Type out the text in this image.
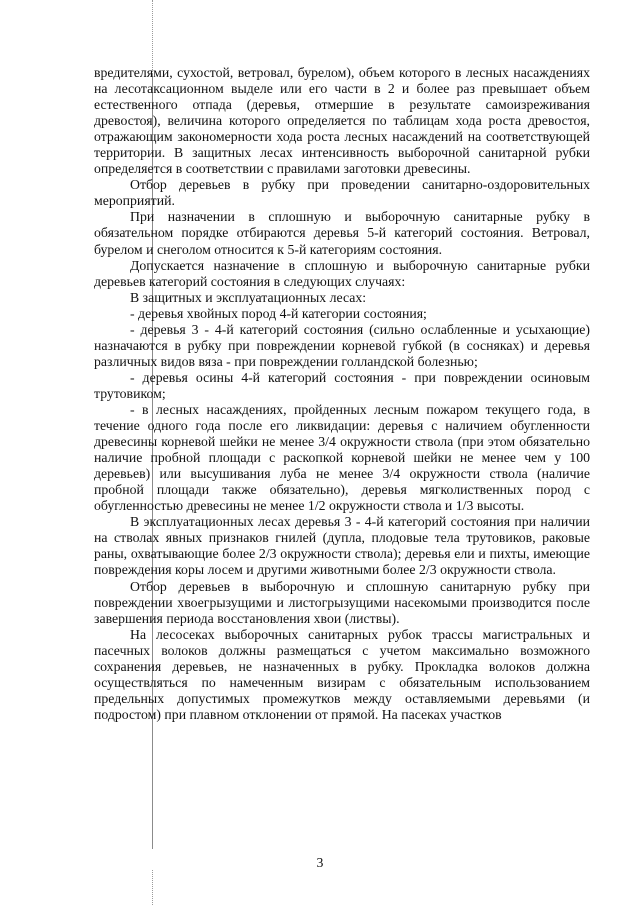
вредителями, сухостой, ветровал, бурелом), объем которого в лесных насаждениях на лесотаксационном выделе или его части в 2 и более раз превышает объем естественного отпада (деревья, отмершие в результате самоизреживания древостоя), величина которого определяется по таблицам хода роста древостоя, отражающим закономерности хода роста лесных насаждений на соответствующей территории. В защитных лесах интенсивность выборочной санитарной рубки определяется в соответствии с правилами заготовки древесины.

Отбор деревьев в рубку при проведении санитарно-оздоровительных мероприятий.

При назначении в сплошную и выборочную санитарные рубку в обязательном порядке отбираются деревья 5-й категорий состояния. Ветровал, бурелом и снеголом относится к 5-й категориям состояния.

Допускается назначение в сплошную и выборочную санитарные рубки деревьев категорий состояния в следующих случаях:

В защитных и эксплуатационных лесах:

- деревья хвойных пород 4-й категории состояния;

- деревья 3 - 4-й категорий состояния (сильно ослабленные и усыхающие) назначаются в рубку при повреждении корневой губкой (в сосняках) и деревья различных видов вяза - при повреждении голландской болезнью;

- деревья осины 4-й категорий состояния - при повреждении осиновым трутовиком;

- в лесных насаждениях, пройденных лесным пожаром текущего года, в течение одного года после его ликвидации: деревья с наличием обугленности древесины корневой шейки не менее 3/4 окружности ствола (при этом обязательно наличие пробной площади с раскопкой корневой шейки не менее чем у 100 деревьев) или высушивания луба не менее 3/4 окружности ствола (наличие пробной площади также обязательно), деревья мягколиственных пород с обугленностью древесины не менее 1/2 окружности ствола и 1/3 высоты.

В эксплуатационных лесах деревья 3 - 4-й категорий состояния при наличии на стволах явных признаков гнилей (дупла, плодовые тела трутовиков, раковые раны, охватывающие более 2/3 окружности ствола); деревья ели и пихты, имеющие повреждения коры лосем и другими животными более 2/3 окружности ствола.

Отбор деревьев в выборочную и сплошную санитарную рубку при повреждении хвоегрызущими и листогрызущими насекомыми производится после завершения периода восстановления хвои (листвы).

На лесосеках выборочных санитарных рубок трассы магистральных и пасечных волоков должны размещаться с учетом максимально возможного сохранения деревьев, не назначенных в рубку. Прокладка волоков должна осуществляться по намеченным визирам с обязательным использованием предельных допустимых промежутков между оставляемыми деревьями (и подростом) при плавном отклонении от прямой. На пасеках участков

3
